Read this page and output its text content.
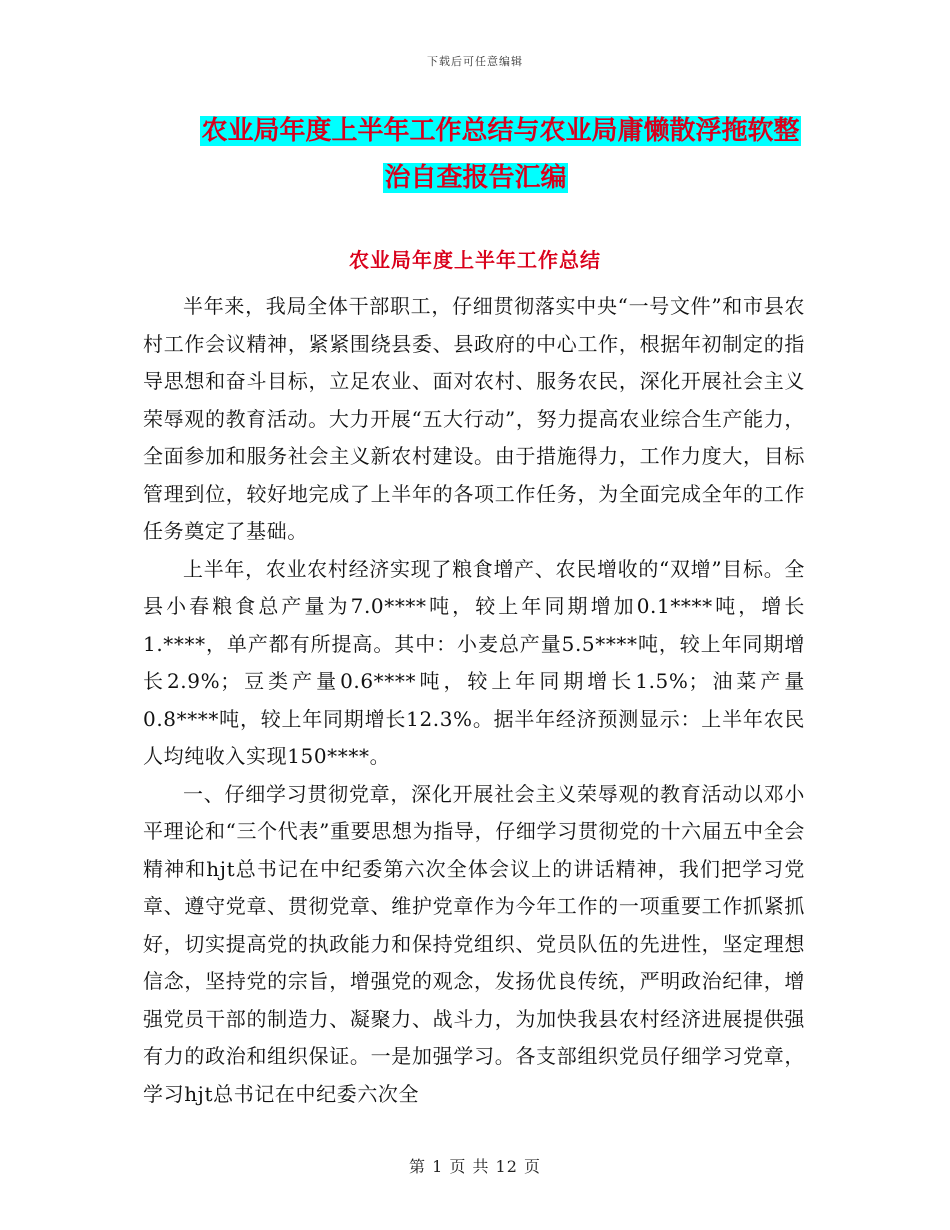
下载后可任意编辑
农业局年度上半年工作总结与农业局庸懒散浮拖软整
治自查报告汇编
农业局年度上半年工作总结

半年来，我局全体干部职工，仔细贯彻落实中央“一号文件”和市县农村工作会议精神，紧紧围绕县委、县政府的中心工作，根据年初制定的指导思想和奋斗目标，立足农业、面对农村、服务农民，深化开展社会主义荣辱观的教育活动。大力开展“五大行动”，努力提高农业综合生产能力，全面参加和服务社会主义新农村建设。由于措施得力，工作力度大，目标管理到位，较好地完成了上半年的各项工作任务，为全面完成全年的工作任务奠定了基础。

上半年，农业农村经济实现了粮食增产、农民增收的“双增”目标。全县小春粮食总产量为7.0****吨，较上年同期增加0.1****吨，增长1.****，单产都有所提高。其中：小麦总产量5.5****吨，较上年同期增长2.9%；豆类产量0.6****吨，较上年同期增长1.5%；油菜产量0.8****吨，较上年同期增长12.3%。据半年经济预测显示：上半年农民人均纯收入实现150****。

一、仔细学习贯彻党章，深化开展社会主义荣辱观的教育活动以邓小平理论和“三个代表”重要思想为指导，仔细学习贯彻党的十六届五中全会精神和hjt总书记在中纪委第六次全体会议上的讲话精神，我们把学习党章、遵守党章、贯彻党章、维护党章作为今年工作的一项重要工作抓紧抓好，切实提高党的执政能力和保持党组织、党员队伍的先进性，坚定理想信念，坚持党的宗旨，增强党的观念，发扬优良传统，严明政治纪律，增强党员干部的制造力、凝聚力、战斗力，为加快我县农村经济进展提供强有力的政治和组织保证。一是加强学习。各支部组织党员仔细学习党章，学习hjt总书记在中纪委六次全

第 1 页 共 12 页
